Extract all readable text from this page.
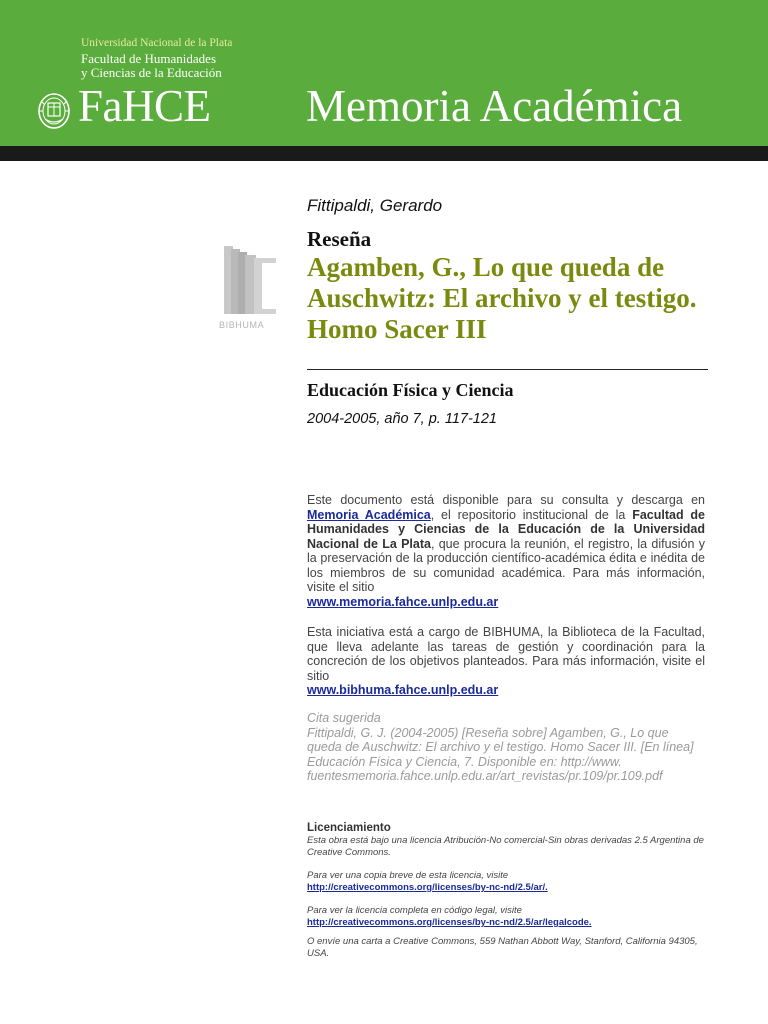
Universidad Nacional de la Plata
Facultad de Humanidades
y Ciencias de la Educación
FaHCE Memoria Académica
BIBHUMA
Fittipaldi, Gerardo
Reseña
Agamben, G., Lo que queda de Auschwitz: El archivo y el testigo. Homo Sacer III
Educación Física y Ciencia
2004-2005, año 7, p. 117-121
Este documento está disponible para su consulta y descarga en Memoria Académica, el repositorio institucional de la Facultad de Humanidades y Ciencias de la Educación de la Universidad Nacional de La Plata, que procura la reunión, el registro, la difusión y la preservación de la producción científico-académica édita e inédita de los miembros de su comunidad académica. Para más información, visite el sitio
www.memoria.fahce.unlp.edu.ar
Esta iniciativa está a cargo de BIBHUMA, la Biblioteca de la Facultad, que lleva adelante las tareas de gestión y coordinación para la concreción de los objetivos planteados. Para más información, visite el sitio
www.bibhuma.fahce.unlp.edu.ar
Cita sugerida
Fittipaldi, G. J. (2004-2005) [Reseña sobre] Agamben, G., Lo que queda de Auschwitz: El archivo y el testigo. Homo Sacer III. [En línea] Educación Física y Ciencia, 7. Disponible en: http://www. fuentesmemoria.fahce.unlp.edu.ar/art_revistas/pr.109/pr.109.pdf
Licenciamiento

Esta obra está bajo una licencia Atribución-No comercial-Sin obras derivadas 2.5 Argentina de Creative Commons.

Para ver una copia breve de esta licencia, visite

http://creativecommons.org/licenses/by-nc-nd/2.5/ar/.

Para ver la licencia completa en código legal, visite

http://creativecommons.org/licenses/by-nc-nd/2.5/ar/legalcode.

O envíe una carta a Creative Commons, 559 Nathan Abbott Way, Stanford, California 94305, USA.
